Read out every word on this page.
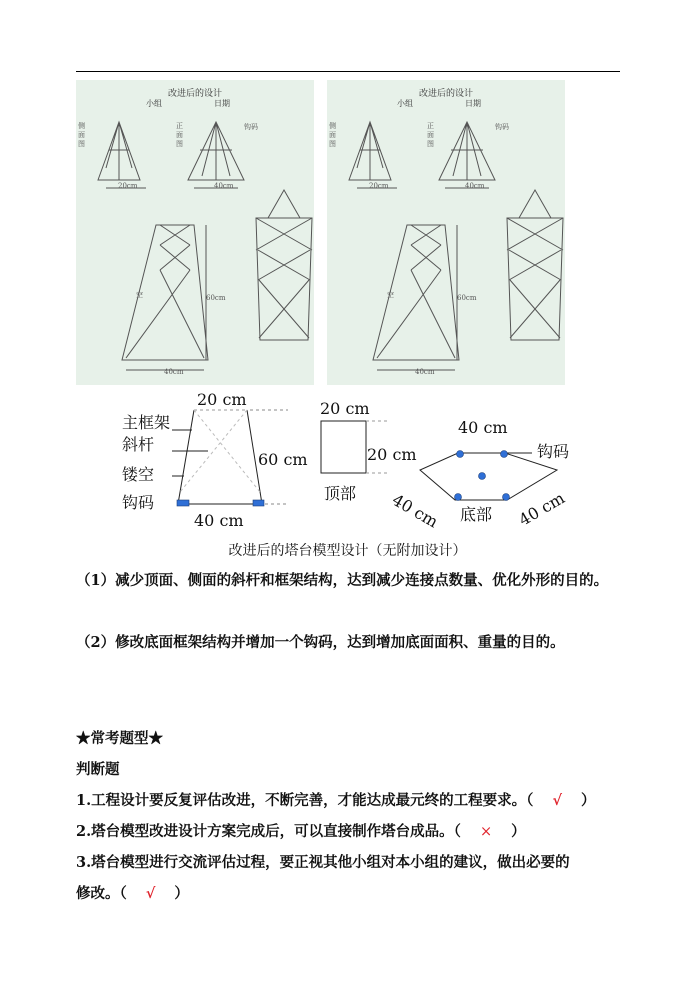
改进后的设计
小组	日期
侧面图
正面图
钩码
20cm	40cm
空	60cm
40cm
改进后的设计
小组	日期
侧面图
正面图
钩码
20cm	40cm
空	60cm
40cm
20 cm
60 cm
40 cm
主框架
斜杆
镂空
钩码
20 cm
20 cm
顶部
40 cm
钩码
40 cm	40 cm
底部
改进后的塔台模型设计（无附加设计）
（1）减少顶面、侧面的斜杆和框架结构，达到减少连接点数量、优化外形的目的。
（2）修改底面框架结构并增加一个钩码，达到增加底面面积、重量的目的。
★常考题型★
判断题
1.工程设计要反复评估改进，不断完善，才能达成最元终的工程要求。（ √ ）
2.塔台模型改进设计方案完成后，可以直接制作塔台成品。（ × ）
3.塔台模型进行交流评估过程，要正视其他小组对本小组的建议，做出必要的
修改。（ √ ）
